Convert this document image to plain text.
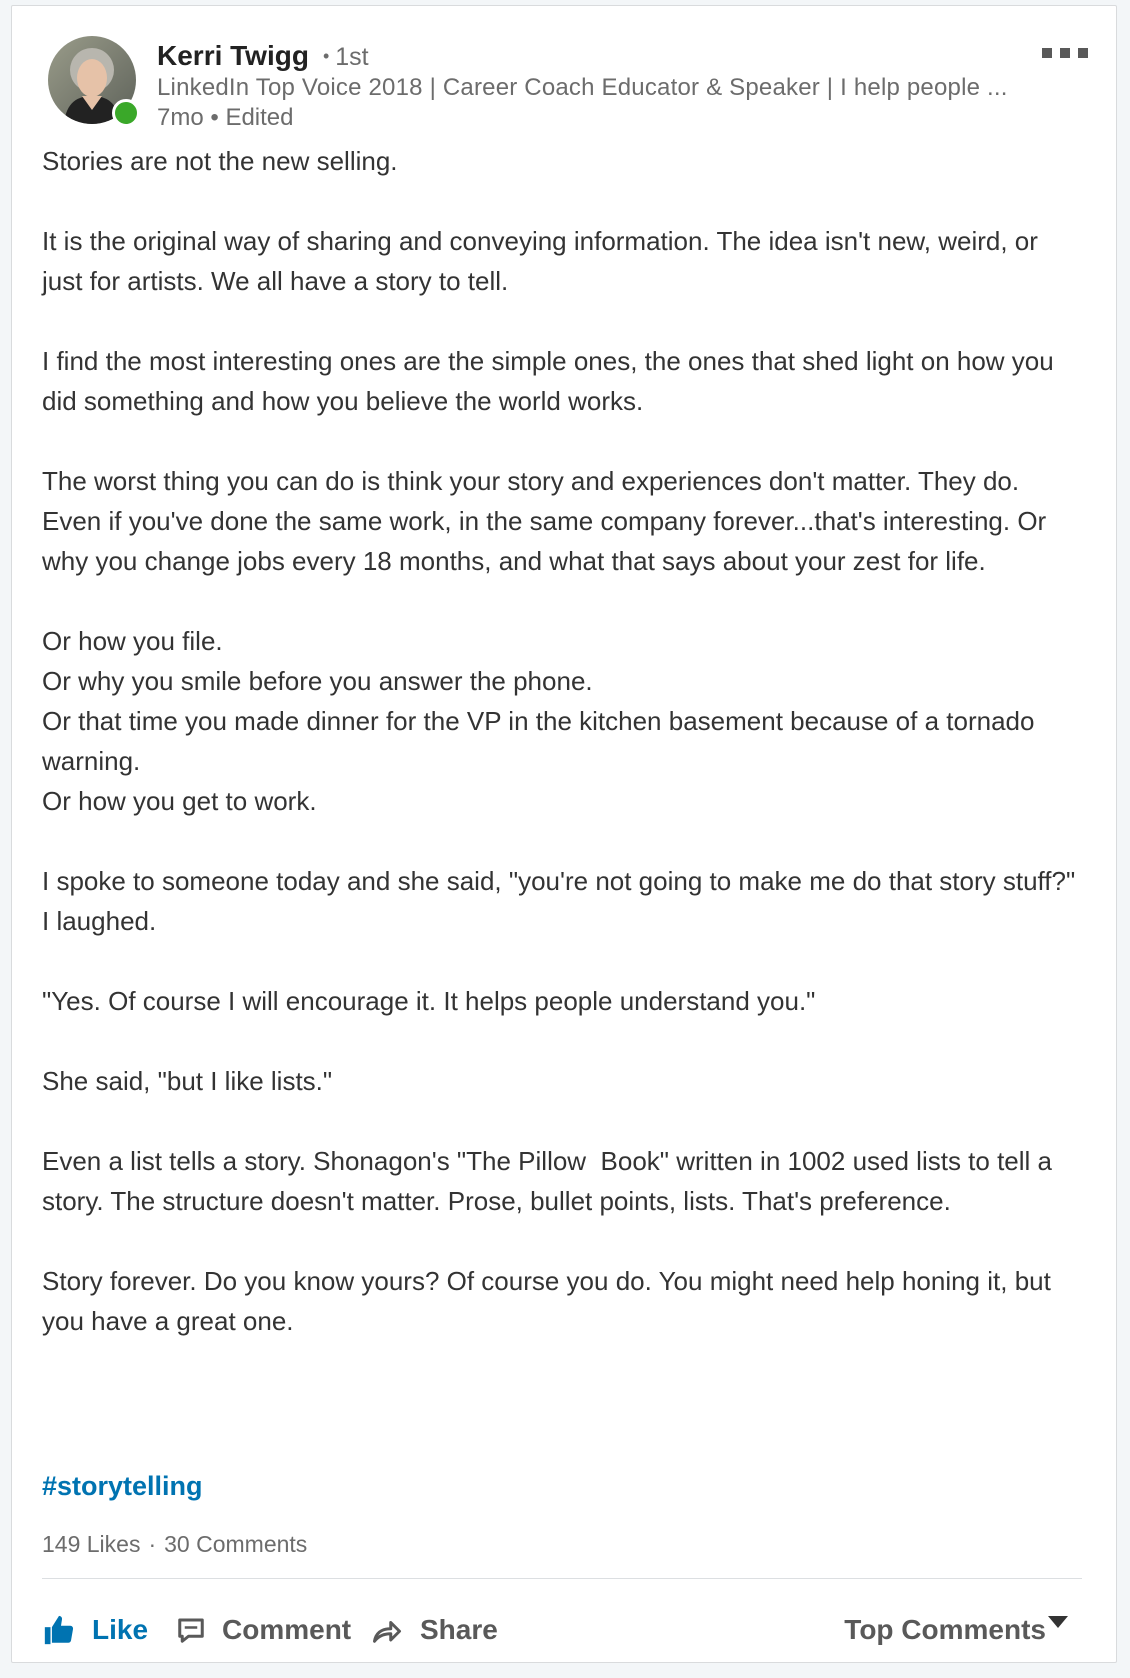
Kerri Twigg • 1st
LinkedIn Top Voice 2018 | Career Coach Educator & Speaker | I help people ...
7mo • Edited

Stories are not the new selling.

It is the original way of sharing and conveying information. The idea isn't new, weird, or just for artists. We all have a story to tell.

I find the most interesting ones are the simple ones, the ones that shed light on how you did something and how you believe the world works.

The worst thing you can do is think your story and experiences don't matter. They do. Even if you've done the same work, in the same company forever...that's interesting. Or why you change jobs every 18 months, and what that says about your zest for life.

Or how you file.
Or why you smile before you answer the phone.
Or that time you made dinner for the VP in the kitchen basement because of a tornado warning.
Or how you get to work.

I spoke to someone today and she said, "you're not going to make me do that story stuff?" I laughed.

"Yes. Of course I will encourage it. It helps people understand you."

She said, "but I like lists."

Even a list tells a story. Shonagon's "The Pillow  Book" written in 1002 used lists to tell a story. The structure doesn't matter. Prose, bullet points, lists. That's preference.

Story forever. Do you know yours? Of course you do. You might need help honing it, but you have a great one.

#storytelling
149 Likes · 30 Comments
Like	Comment Share	Top Comments
